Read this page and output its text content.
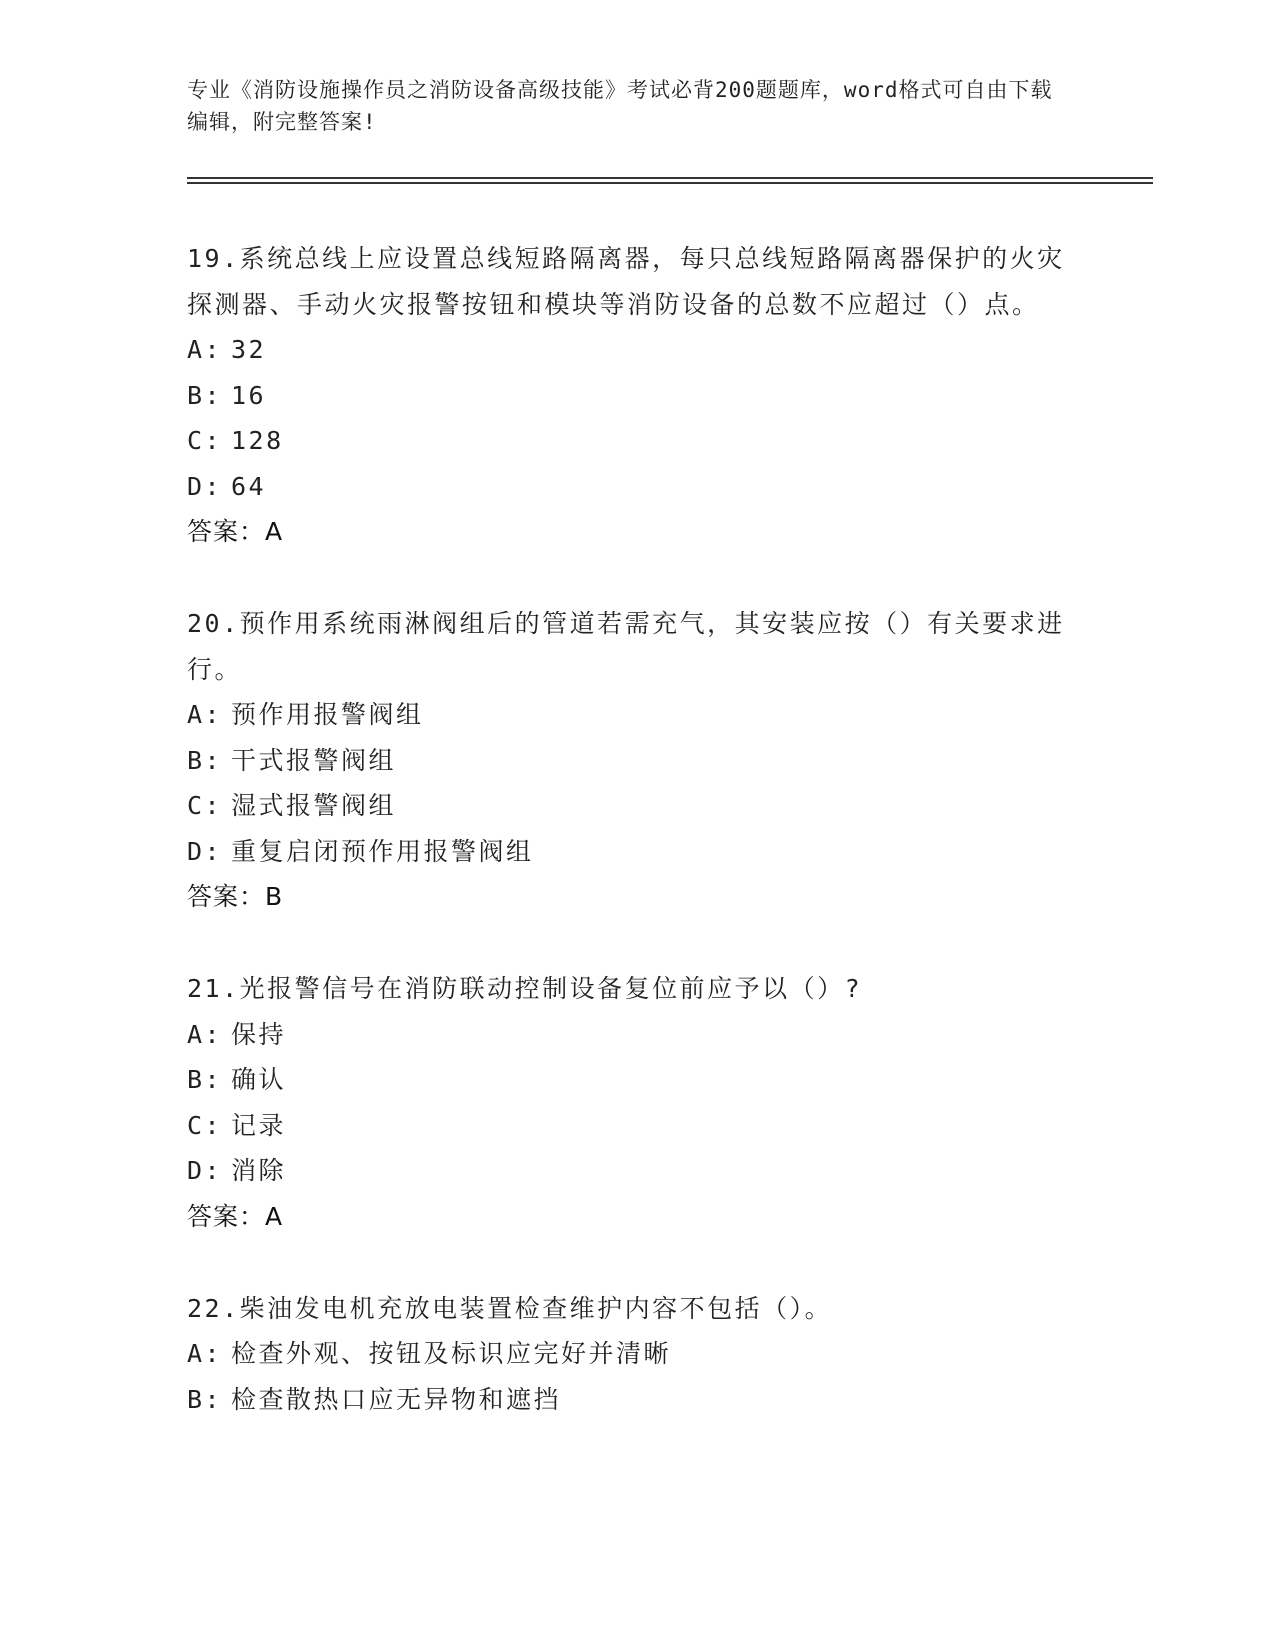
专业《消防设施操作员之消防设备高级技能》考试必背200题题库，word格式可自由下载编辑，附完整答案!

19.系统总线上应设置总线短路隔离器，每只总线短路隔离器保护的火灾探测器、手动火灾报警按钮和模块等消防设备的总数不应超过（）点。

A: 32
B: 16
C: 128
D: 64
答案：A

20.预作用系统雨淋阀组后的管道若需充气，其安装应按（）有关要求进行。

A: 预作用报警阀组
B: 干式报警阀组
C: 湿式报警阀组
D: 重复启闭预作用报警阀组
答案：B

21.光报警信号在消防联动控制设备复位前应予以（）?

A: 保持
B: 确认
C: 记录
D: 消除
答案：A

22.柴油发电机充放电装置检查维护内容不包括（）。

A: 检查外观、按钮及标识应完好并清晰
B: 检查散热口应无异物和遮挡
